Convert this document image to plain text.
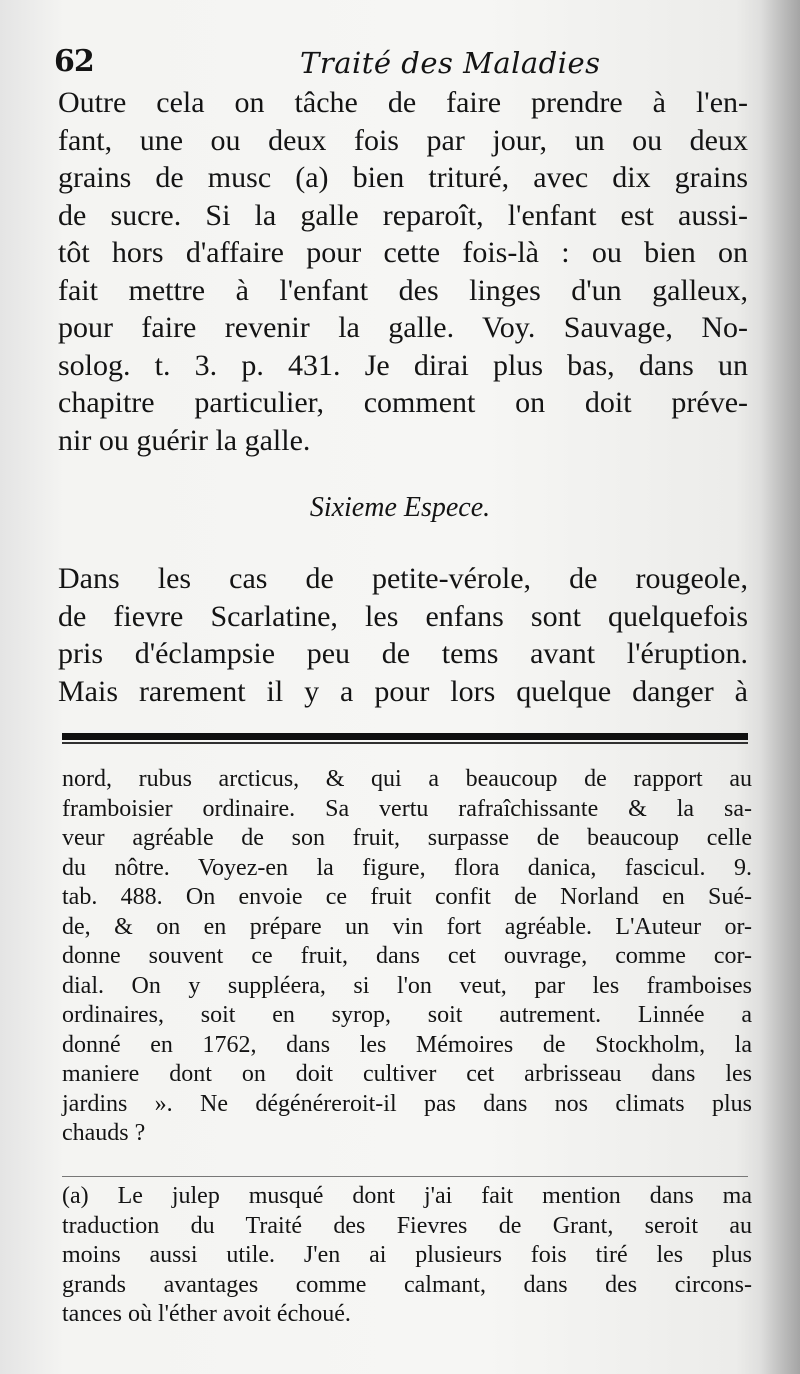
62	Traité des Maladies
Outre cela on tâche de faire prendre à l'en-
fant, une ou deux fois par jour, un ou deux
grains de musc (a) bien trituré, avec dix grains
de sucre. Si la galle reparoît, l'enfant est aussi-
tôt hors d'affaire pour cette fois-là : ou bien on
fait mettre à l'enfant des linges d'un galleux,
pour faire revenir la galle. Voy. Sauvage, No-
solog. t. 3. p. 431. Je dirai plus bas, dans un
chapitre particulier, comment on doit préve-
nir ou guérir la galle.
Sixieme Espece.
Dans les cas de petite-vérole, de rougeole,
de fievre Scarlatine, les enfans sont quelquefois
pris d'éclampsie peu de tems avant l'éruption.
Mais rarement il y a pour lors quelque danger à
nord, rubus arcticus, & qui a beaucoup de rapport au
framboisier ordinaire. Sa vertu rafraîchissante & la sa-
veur agréable de son fruit, surpasse de beaucoup celle
du nôtre. Voyez-en la figure, flora danica, fascicul. 9.
tab. 488. On envoie ce fruit confit de Norland en Sué-
de, & on en prépare un vin fort agréable. L'Auteur or-
donne souvent ce fruit, dans cet ouvrage, comme cor-
dial. On y suppléera, si l'on veut, par les framboises
ordinaires, soit en syrop, soit autrement. Linnée a
donné en 1762, dans les Mémoires de Stockholm, la
maniere dont on doit cultiver cet arbrisseau dans les
jardins ». Ne dégénéreroit-il pas dans nos climats plus
chauds ?
(a) Le julep musqué dont j'ai fait mention dans ma
traduction du Traité des Fievres de Grant, seroit au
moins aussi utile. J'en ai plusieurs fois tiré les plus
grands avantages comme calmant, dans des circons-
tances où l'éther avoit échoué.
